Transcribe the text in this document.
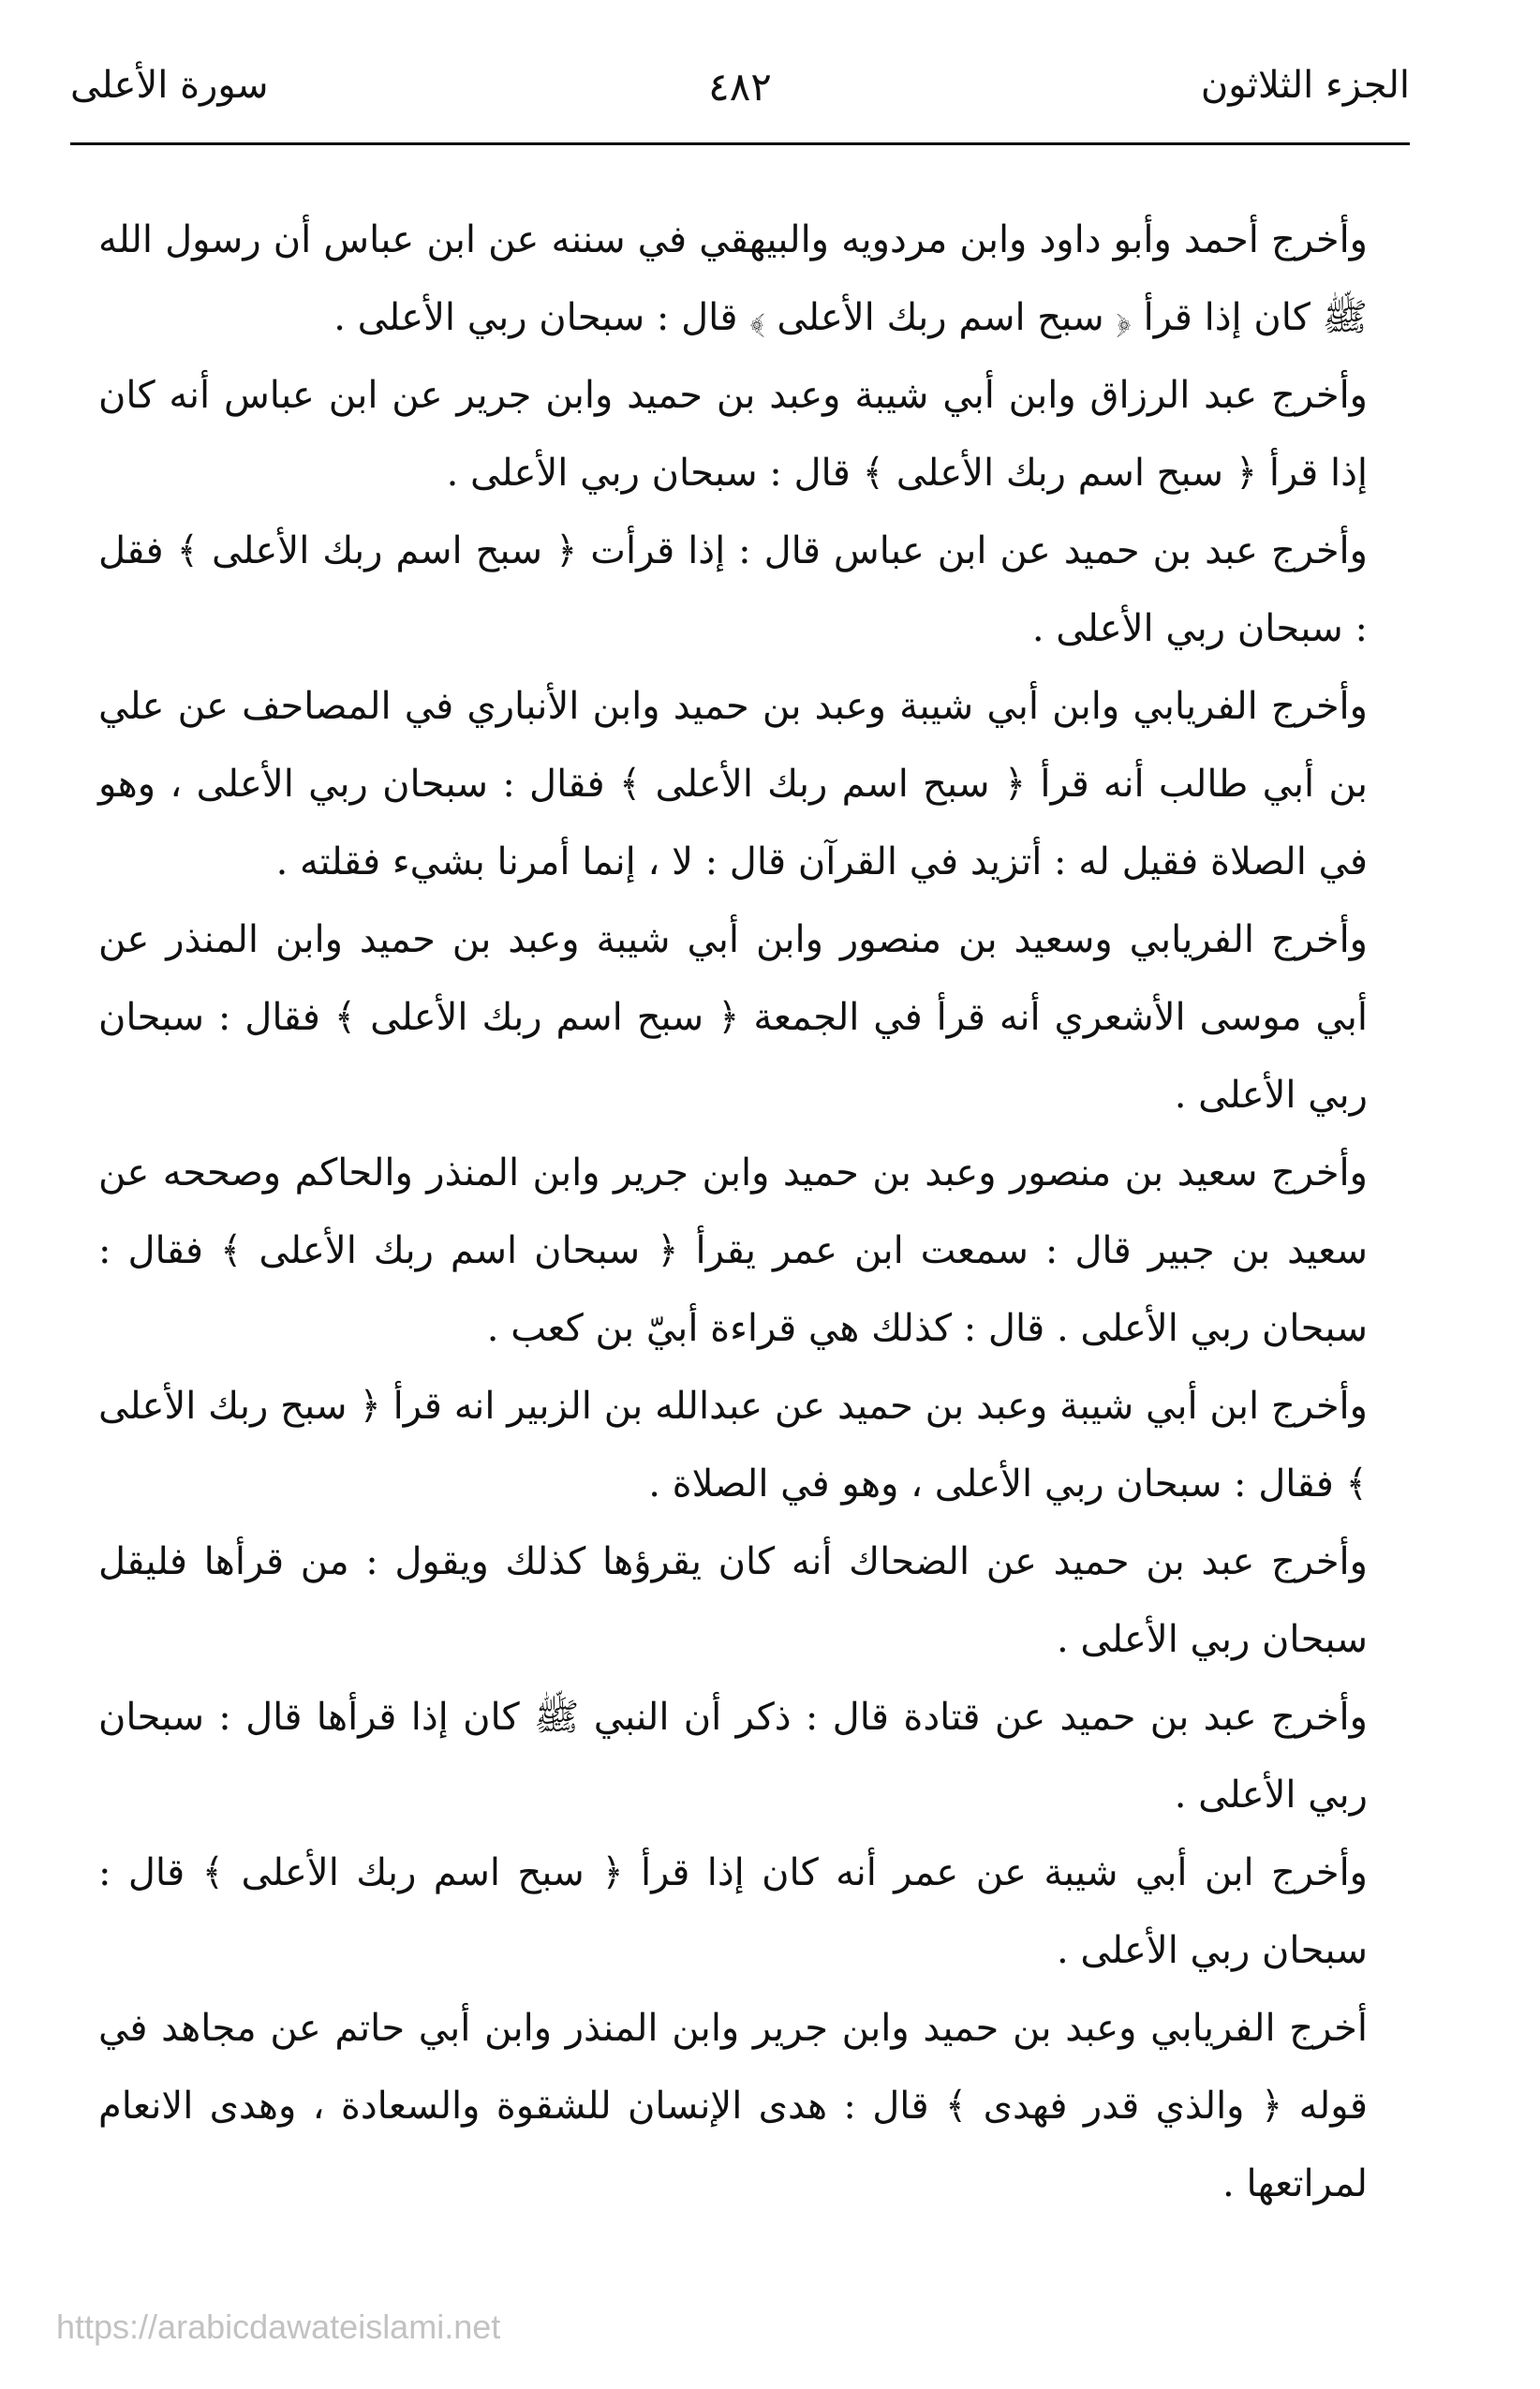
الجزء الثلاثون
٤٨٢
سورة الأعلى

وأخرج أحمد وأبو داود وابن مردويه والبيهقي في سننه عن ابن عباس أن رسول الله ﷺ كان إذا قرأ ﴿ سبح اسم ربك الأعلى ﴾ قال : سبحان ربي الأعلى .

وأخرج عبد الرزاق وابن أبي شيبة وعبد بن حميد وابن جرير عن ابن عباس أنه كان إذا قرأ ﴿ سبح اسم ربك الأعلى ﴾ قال : سبحان ربي الأعلى .

وأخرج عبد بن حميد عن ابن عباس قال : إذا قرأت ﴿ سبح اسم ربك الأعلى ﴾ فقل : سبحان ربي الأعلى .

وأخرج الفريابي وابن أبي شيبة وعبد بن حميد وابن الأنباري في المصاحف عن علي بن أبي طالب أنه قرأ ﴿ سبح اسم ربك الأعلى ﴾ فقال : سبحان ربي الأعلى ، وهو في الصلاة فقيل له : أتزيد في القرآن قال : لا ، إنما أمرنا بشيء فقلته .

وأخرج الفريابي وسعيد بن منصور وابن أبي شيبة وعبد بن حميد وابن المنذر عن أبي موسى الأشعري أنه قرأ في الجمعة ﴿ سبح اسم ربك الأعلى ﴾ فقال : سبحان ربي الأعلى .

وأخرج سعيد بن منصور وعبد بن حميد وابن جرير وابن المنذر والحاكم وصححه عن سعيد بن جبير قال : سمعت ابن عمر يقرأ ﴿ سبحان اسم ربك الأعلى ﴾ فقال : سبحان ربي الأعلى . قال : كذلك هي قراءة أبيّ بن كعب .

وأخرج ابن أبي شيبة وعبد بن حميد عن عبدالله بن الزبير انه قرأ ﴿ سبح ربك الأعلى ﴾ فقال : سبحان ربي الأعلى ، وهو في الصلاة .

وأخرج عبد بن حميد عن الضحاك أنه كان يقرؤها كذلك ويقول : من قرأها فليقل سبحان ربي الأعلى .

وأخرج عبد بن حميد عن قتادة قال : ذكر أن النبي ﷺ كان إذا قرأها قال : سبحان ربي الأعلى .

وأخرج ابن أبي شيبة عن عمر أنه كان إذا قرأ ﴿ سبح اسم ربك الأعلى ﴾ قال : سبحان ربي الأعلى .

أخرج الفريابي وعبد بن حميد وابن جرير وابن المنذر وابن أبي حاتم عن مجاهد في قوله ﴿ والذي قدر فهدى ﴾ قال : هدى الإنسان للشقوة والسعادة ، وهدى الانعام لمراتعها .

https://arabicdawateislami.net
